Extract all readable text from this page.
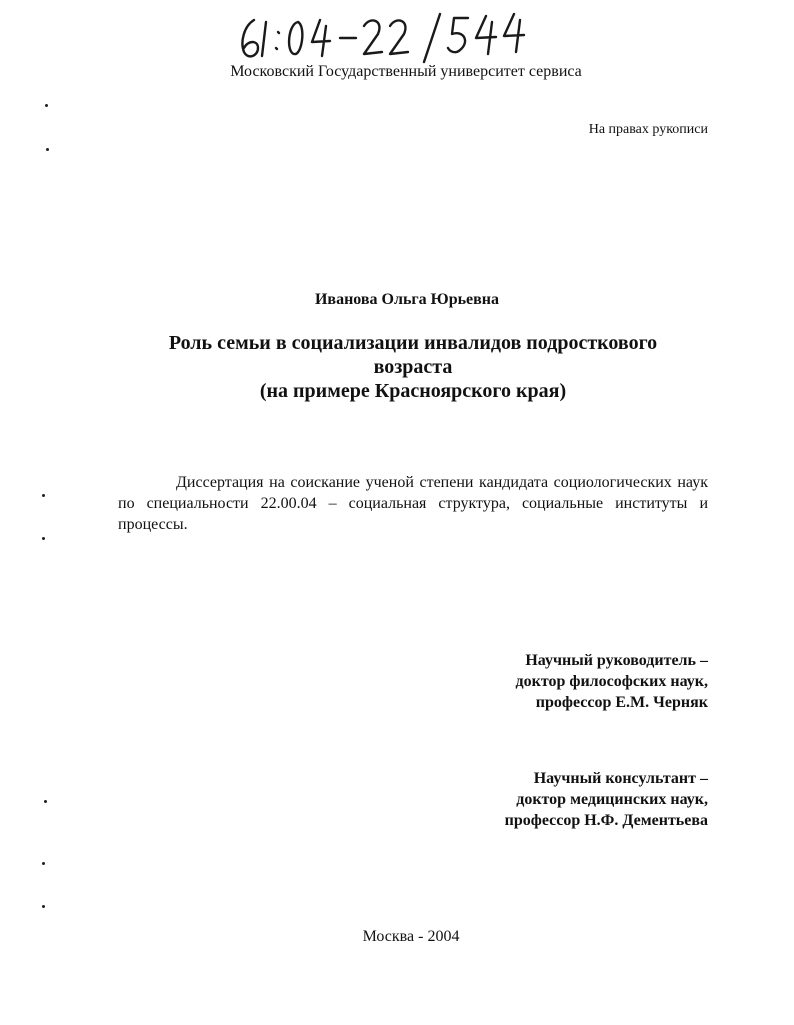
Московский Государственный университет сервиса
На правах рукописи
Иванова Ольга Юрьевна
Роль семьи в социализации инвалидов подросткового
возраста
(на примере Красноярского края)

Диссертация на соискание ученой степени кандидата социологических наук по специальности 22.00.04 – социальная структура, социальные институты и процессы.

Научный руководитель –
доктор философских наук,
профессор Е.М. Черняк
Научный консультант –
доктор медицинских наук,
профессор Н.Ф. Дементьева
Москва - 2004
